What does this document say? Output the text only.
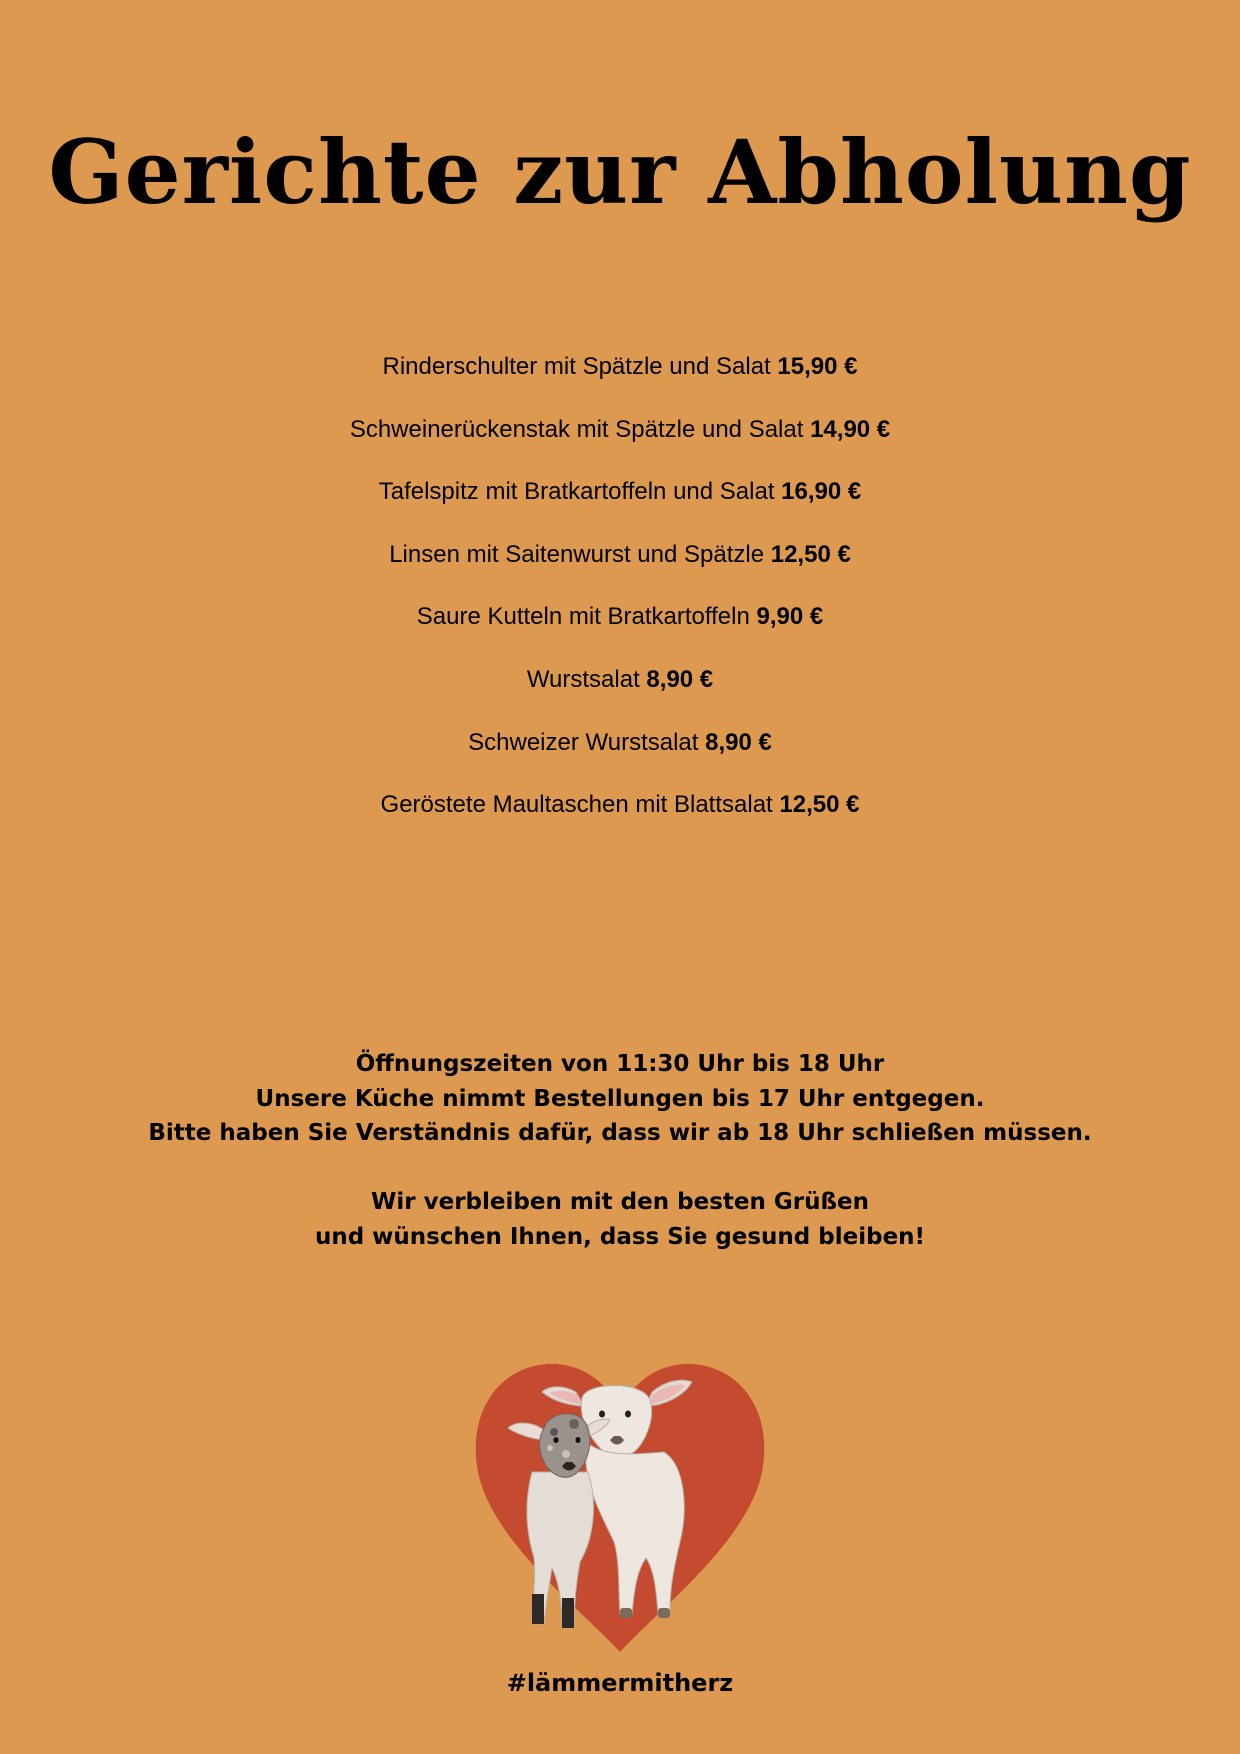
Gerichte zur Abholung
Rinderschulter mit Spätzle und Salat 15,90 €
Schweinerückenstak mit Spätzle und Salat 14,90 €
Tafelspitz mit Bratkartoffeln und Salat 16,90 €
Linsen mit Saitenwurst und Spätzle 12,50 €
Saure Kutteln mit Bratkartoffeln 9,90 €
Wurstsalat 8,90 €
Schweizer Wurstsalat 8,90 €
Geröstete Maultaschen mit Blattsalat 12,50 €
Öffnungszeiten von 11:30 Uhr bis 18 Uhr
Unsere Küche nimmt Bestellungen bis 17 Uhr entgegen.
Bitte haben Sie Verständnis dafür, dass wir ab 18 Uhr schließen müssen.
Wir verbleiben mit den besten Grüßen
und wünschen Ihnen, dass Sie gesund bleiben!
#lämmermitherz
